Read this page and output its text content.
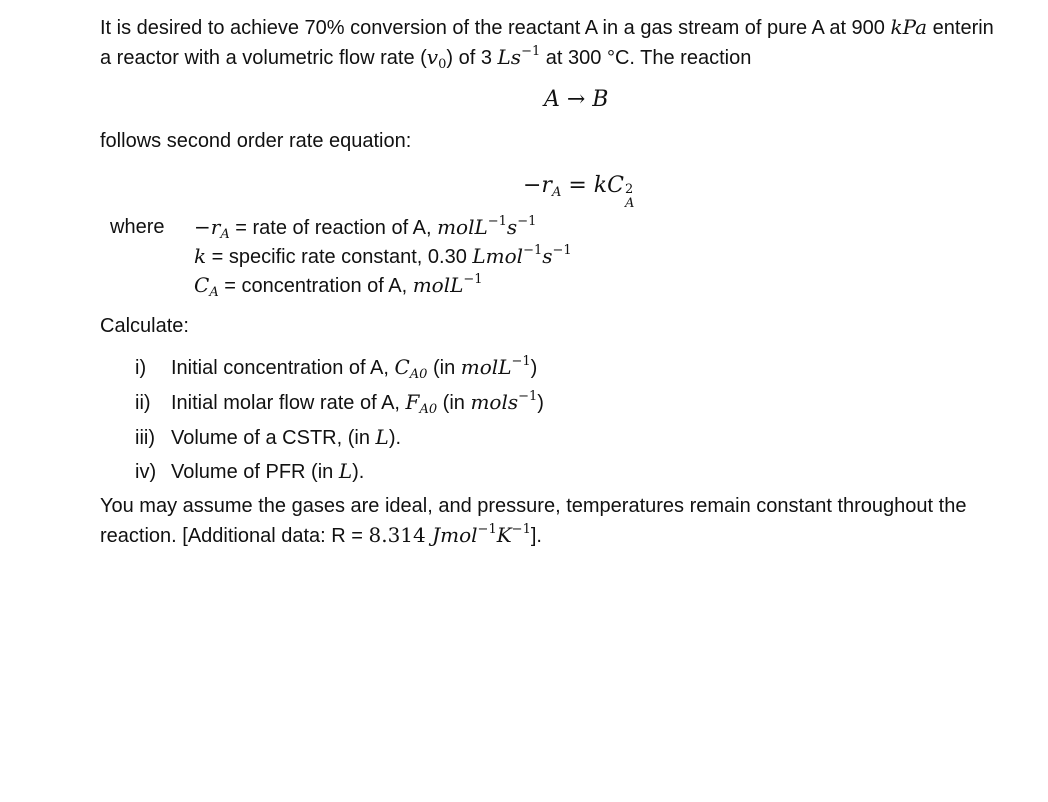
It is desired to achieve 70% conversion of the reactant A in a gas stream of pure A at 900 kPa enterin
a reactor with a volumetric flow rate $(v_0)$ of 3 $Ls^{-1}$ at 300 °C. The reaction
A → B
follows second order rate equation:
$-r_A$ = kC 2
A
where $-r_A$ = rate of reaction of A, $molL^{-1}s^{-1}$
k = specific rate constant, 0.30 $Lmol^{-1}s^{-1}$
$C_A$ = concentration of A, molL$^{-1}$
Calculate:
i) Initial concentration of A, $C_{A0}$ (in molL$^{-1}$)
ii) Initial molar flow rate of A, $F_{A0}$ (in mols$^{-1}$)
iii) Volume of a CSTR, (in L).
iv) Volume of PFR (in L).
You may assume the gases are ideal, and pressure, temperatures remain constant throughout the
reaction. [Additional data: R = 8.314 $Jmol^{-1}K^{-1}$].
